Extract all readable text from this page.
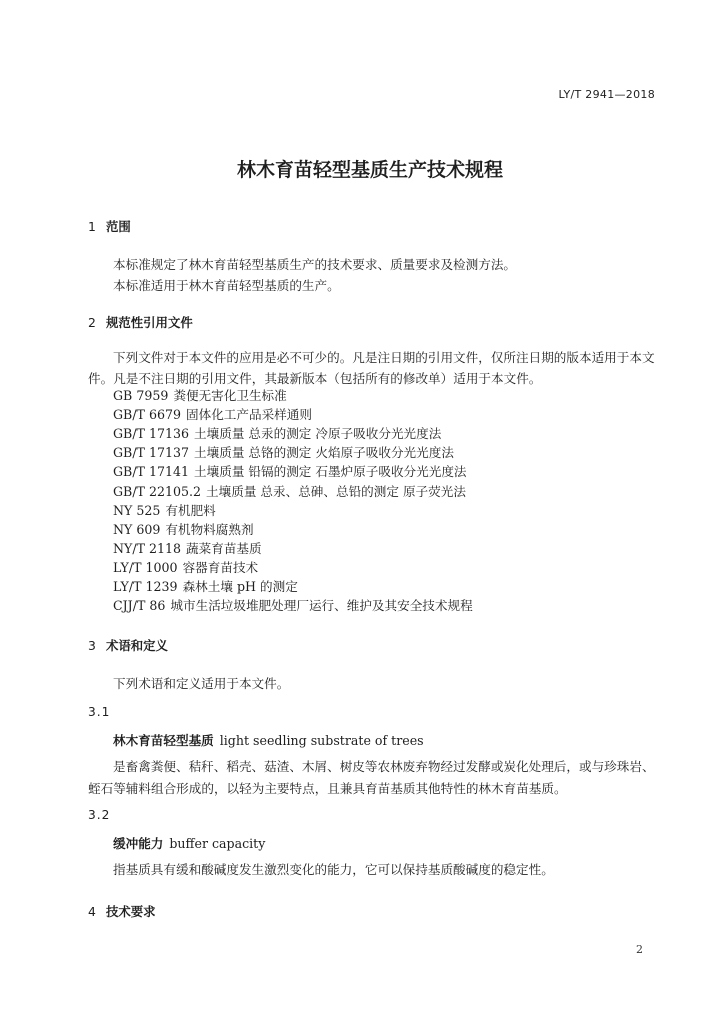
LY/T 2941—2018
林木育苗轻型基质生产技术规程
1 范围
本标准规定了林木育苗轻型基质生产的技术要求、质量要求及检测方法。
本标准适用于林木育苗轻型基质的生产。
2 规范性引用文件
下列文件对于本文件的应用是必不可少的。凡是注日期的引用文件，仅所注日期的版本适用于本文
件。凡是不注日期的引用文件，其最新版本（包括所有的修改单）适用于本文件。
GB 7959 粪便无害化卫生标准
GB/T 6679 固体化工产品采样通则
GB/T 17136 土壤质量 总汞的测定 冷原子吸收分光光度法
GB/T 17137 土壤质量 总铬的测定 火焰原子吸收分光光度法
GB/T 17141 土壤质量 铅镉的测定 石墨炉原子吸收分光光度法
GB/T 22105.2 土壤质量 总汞、总砷、总铅的测定 原子荧光法
NY 525 有机肥料
NY 609 有机物料腐熟剂
NY/T 2118 蔬菜育苗基质
LY/T 1000 容器育苗技术
LY/T 1239 森林土壤 pH 的测定
CJJ/T 86 城市生活垃圾堆肥处理厂运行、维护及其安全技术规程
3 术语和定义
下列术语和定义适用于本文件。
3.1
林木育苗轻型基质 light seedling substrate of trees
是畜禽粪便、秸秆、稻壳、菇渣、木屑、树皮等农林废弃物经过发酵或炭化处理后，或与珍珠岩、
蛭石等辅料组合形成的，以轻为主要特点，且兼具育苗基质其他特性的林木育苗基质。
3.2
缓冲能力 buffer capacity
指基质具有缓和酸碱度发生激烈变化的能力，它可以保持基质酸碱度的稳定性。
4 技术要求
2
